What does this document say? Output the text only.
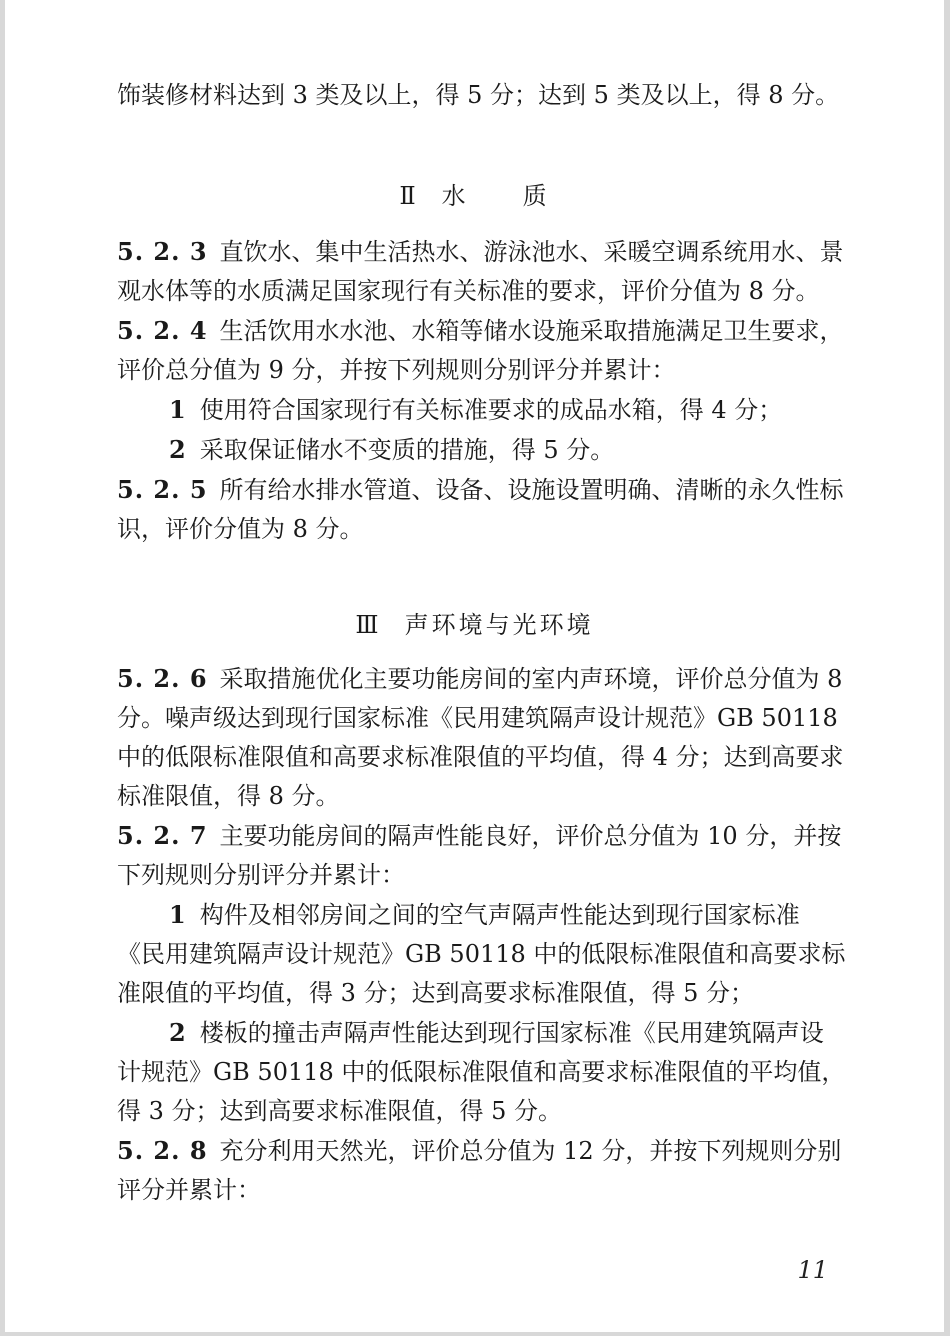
饰装修材料达到 3 类及以上，得 5 分；达到 5 类及以上，得 8 分。

Ⅱ 水　　质

5. 2. 3 直饮水、集中生活热水、游泳池水、采暖空调系统用水、景观水体等的水质满足国家现行有关标准的要求，评价分值为 8 分。

5. 2. 4 生活饮用水水池、水箱等储水设施采取措施满足卫生要求，评价总分值为 9 分，并按下列规则分别评分并累计：

1 使用符合国家现行有关标准要求的成品水箱，得 4 分；

2 采取保证储水不变质的措施，得 5 分。

5. 2. 5 所有给水排水管道、设备、设施设置明确、清晰的永久性标识，评价分值为 8 分。

Ⅲ 声环境与光环境

5. 2. 6 采取措施优化主要功能房间的室内声环境，评价总分值为 8 分。噪声级达到现行国家标准《民用建筑隔声设计规范》GB 50118 中的低限标准限值和高要求标准限值的平均值，得 4 分；达到高要求标准限值，得 8 分。

5. 2. 7 主要功能房间的隔声性能良好，评价总分值为 10 分，并按下列规则分别评分并累计：

1 构件及相邻房间之间的空气声隔声性能达到现行国家标准《民用建筑隔声设计规范》GB 50118 中的低限标准限值和高要求标准限值的平均值，得 3 分；达到高要求标准限值，得 5 分；

2 楼板的撞击声隔声性能达到现行国家标准《民用建筑隔声设计规范》GB 50118 中的低限标准限值和高要求标准限值的平均值，得 3 分；达到高要求标准限值，得 5 分。

5. 2. 8 充分利用天然光，评价总分值为 12 分，并按下列规则分别评分并累计：

11
